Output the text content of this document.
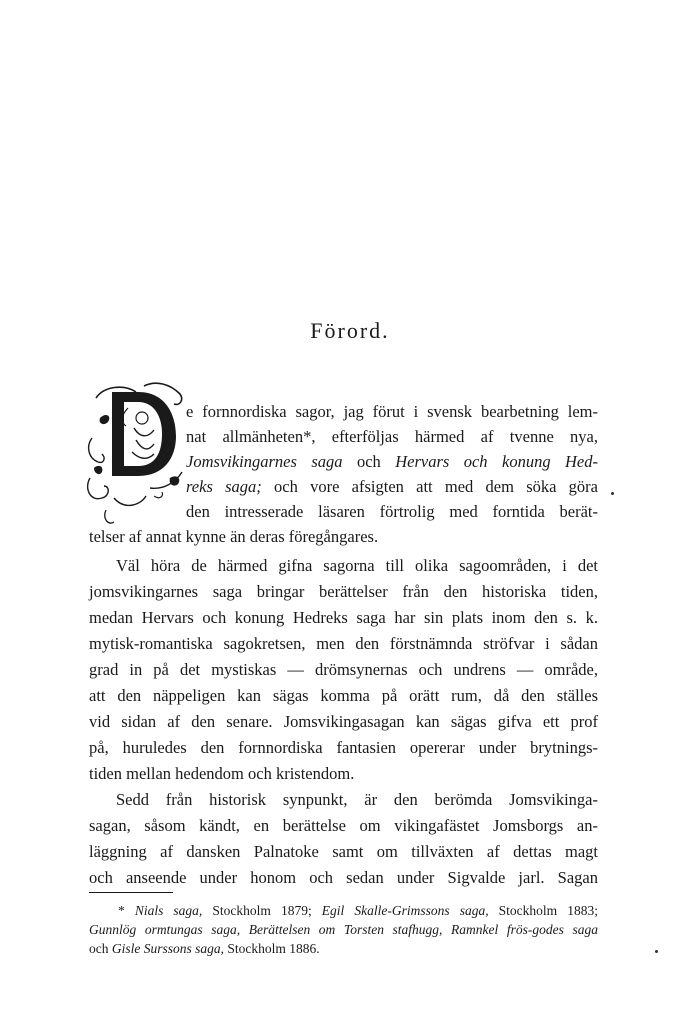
Förord.
e fornnordiska sagor, jag förut i svensk bearbetning lem-
nat allmänheten*, efterföljas härmed af tvenne nya,
Jomsvikingarnes saga och Hervars och konung Hed-
reks saga; och vore afsigten att med dem söka göra
den intresserade läsaren förtrolig med forntida berät-
telser af annat kynne än deras föregångares.
Väl höra de härmed gifna sagorna till olika sagoområden, i det
jomsvikingarnes saga bringar berättelser från den historiska tiden,
medan Hervars och konung Hedreks saga har sin plats inom den s. k.
mytisk-romantiska sagokretsen, men den förstnämnda ströfvar i sådan
grad in på det mystiskas — drömsynernas och undrens — område,
att den näppeligen kan sägas komma på orätt rum, då den ställes
vid sidan af den senare. Jomsvikingasagan kan sägas gifva ett prof
på, huruledes den fornnordiska fantasien opererar under brytnings-
tiden mellan hedendom och kristendom.
Sedd från historisk synpunkt, är den berömda Jomsvikinga-
sagan, såsom kändt, en berättelse om vikingafästet Jomsborgs an-
läggning af dansken Palnatoke samt om tillväxten af dettas magt
och anseende under honom och sedan under Sigvalde jarl. Sagan
* Nials saga, Stockholm 1879; Egil Skalle-Grimssons saga, Stockholm 1883;
Gunnlög ormtungas saga, Berättelsen om Torsten stafhugg, Ramnkel frös-godes saga
och Gisle Surssons saga, Stockholm 1886.
